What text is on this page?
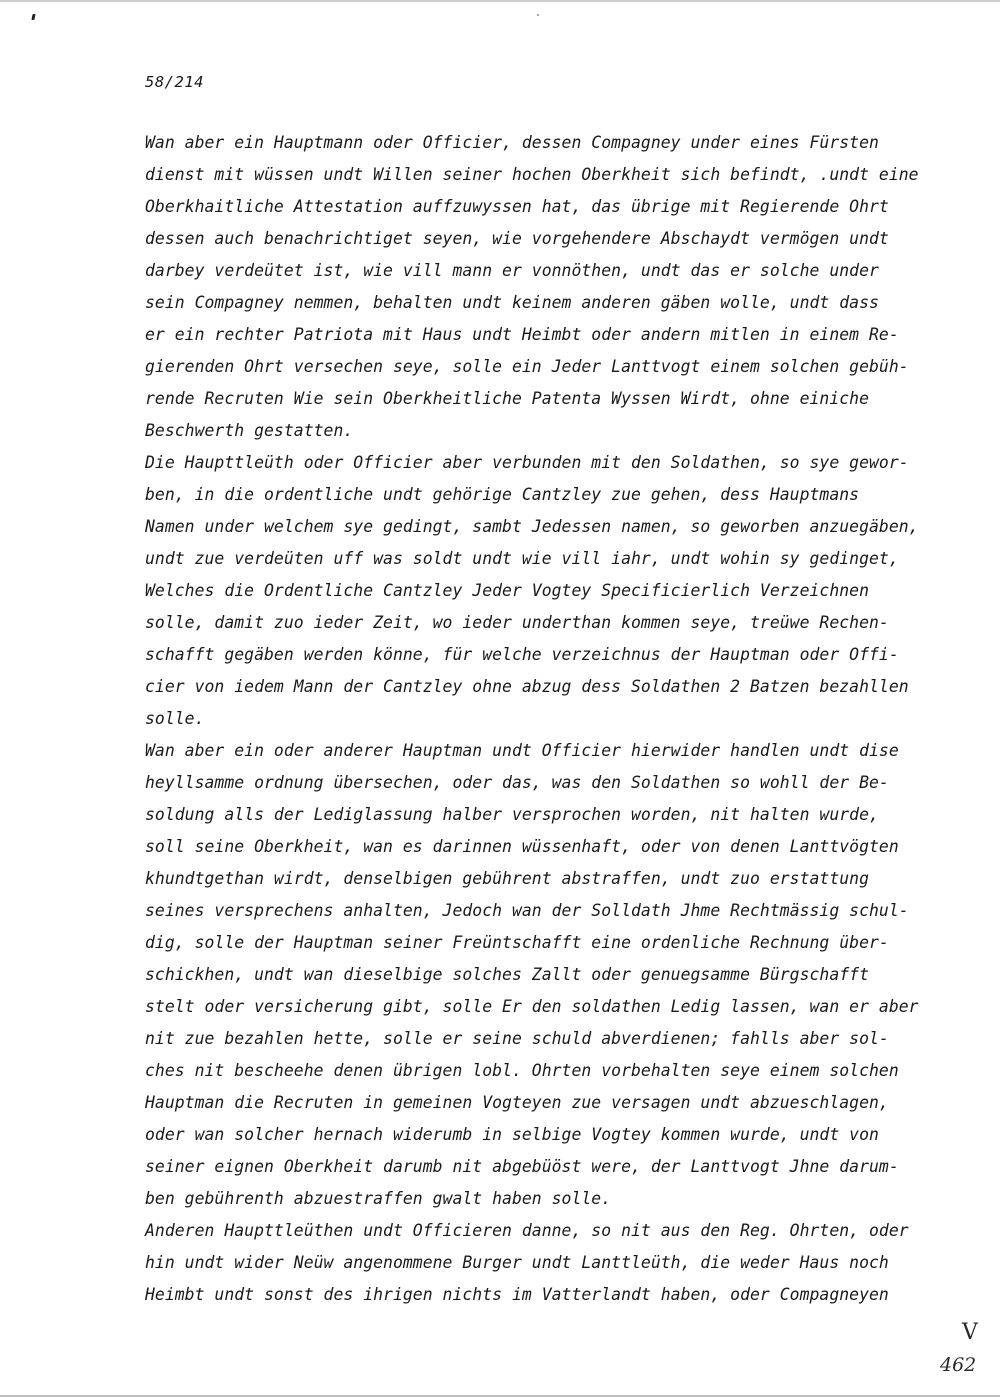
58/214
Wan aber ein Hauptmann oder Officier, dessen Compagney under eines Fürsten
dienst mit wüssen undt Willen seiner hochen Oberkheit sich befindt, .undt eine
Oberkhaitliche Attestation auffzuwyssen hat, das übrige mit Regierende Ohrt
dessen auch benachrichtiget seyen, wie vorgehendere Abschaydt vermögen undt
darbey verdeütet ist, wie vill mann er vonnöthen, undt das er solche under
sein Compagney nemmen, behalten undt keinem anderen gäben wolle, undt dass
er ein rechter Patriota mit Haus undt Heimbt oder andern mitlen in einem Re-
gierenden Ohrt versechen seye, solle ein Jeder Lanttvogt einem solchen gebüh-
rende Recruten Wie sein Oberkheitliche Patenta Wyssen Wirdt, ohne einiche
Beschwerth gestatten.
Die Haupttleüth oder Officier aber verbunden mit den Soldathen, so sye gewor-
ben, in die ordentliche undt gehörige Cantzley zue gehen, dess Hauptmans
Namen under welchem sye gedingt, sambt Jedessen namen, so geworben anzuegäben,
undt zue verdeüten uff was soldt undt wie vill iahr, undt wohin sy gedinget,
Welches die Ordentliche Cantzley Jeder Vogtey Specificierlich Verzeichnen
solle, damit zuo ieder Zeit, wo ieder underthan kommen seye, treüwe Rechen-
schafft gegäben werden könne, für welche verzeichnus der Hauptman oder Offi-
cier von iedem Mann der Cantzley ohne abzug dess Soldathen 2 Batzen bezahllen
solle.
Wan aber ein oder anderer Hauptman undt Officier hierwider handlen undt dise
heyllsamme ordnung übersechen, oder das, was den Soldathen so wohll der Be-
soldung alls der Lediglassung halber versprochen worden, nit halten wurde,
soll seine Oberkheit, wan es darinnen wüssenhaft, oder von denen Lanttvögten
khundtgethan wirdt, denselbigen gebührent abstraffen, undt zuo erstattung
seines versprechens anhalten, Jedoch wan der Solldath Jhme Rechtmässig schul-
dig, solle der Hauptman seiner Freüntschafft eine ordenliche Rechnung über-
schickhen, undt wan dieselbige solches Zallt oder genuegsamme Bürgschafft
stelt oder versicherung gibt, solle Er den soldathen Ledig lassen, wan er aber
nit zue bezahlen hette, solle er seine schuld abverdienen; fahlls aber sol-
ches nit bescheehe denen übrigen lobl. Ohrten vorbehalten seye einem solchen
Hauptman die Recruten in gemeinen Vogteyen zue versagen undt abzueschlagen,
oder wan solcher hernach widerumb in selbige Vogtey kommen wurde, undt von
seiner eignen Oberkheit darumb nit abgebüöst were, der Lanttvogt Jhne darum-
ben gebührenth abzuestraffen gwalt haben solle.
Anderen Haupttleüthen undt Officieren danne, so nit aus den Reg. Ohrten, oder
hin undt wider Neüw angenommene Burger undt Lanttleüth, die weder Haus noch
Heimbt undt sonst des ihrigen nichts im Vatterlandt haben, oder Compagneyen
V
462
